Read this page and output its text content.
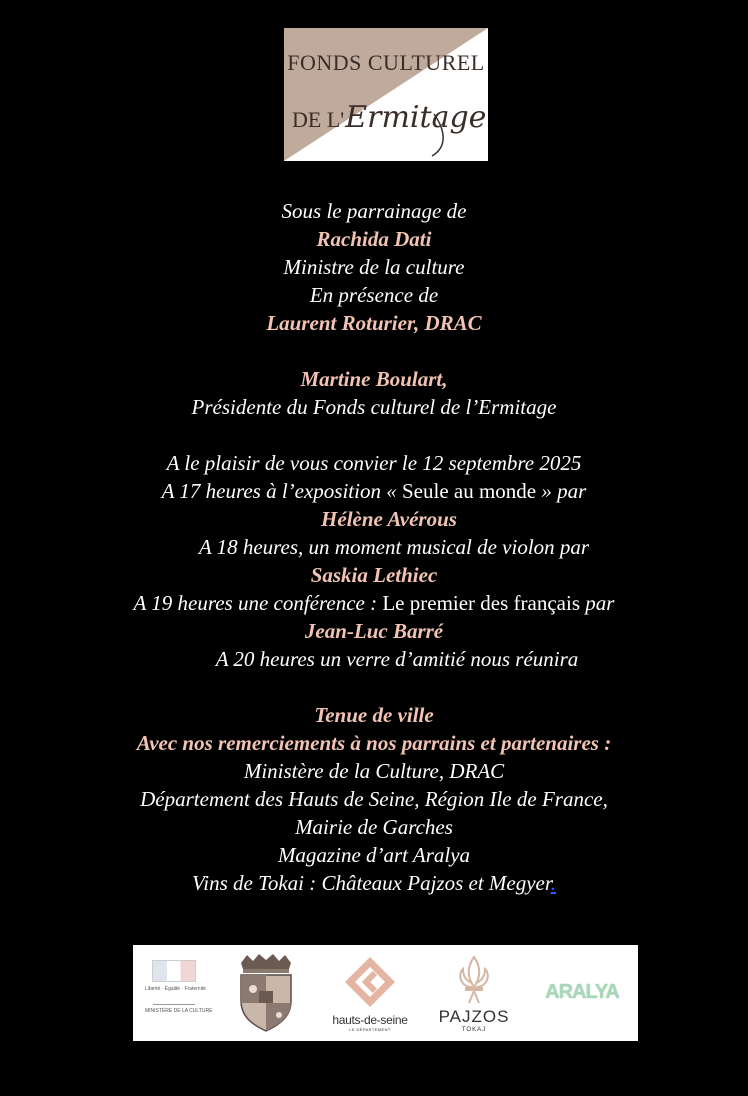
FONDS CULTUREL
DE L'Ermitage
Sous le parrainage de
Rachida Dati
Ministre de la culture
En présence de
Laurent Roturier, DRAC
Martine Boulart,
Présidente du Fonds culturel de l’Ermitage
A le plaisir de vous convier le 12 septembre 2025
A 17 heures à l’exposition « Seule au monde » par
Hélène Avérous
A 18 heures, un moment musical de violon par
Saskia Lethiec
A 19 heures une conférence : Le premier des français par
Jean-Luc Barré
A 20 heures un verre d’amitié nous réunira
Tenue de ville
Avec nos remerciements à nos parrains et partenaires :
Ministère de la Culture, DRAC
Département des Hauts de Seine, Région Ile de France,
Mairie de Garches
Magazine d’art Aralya
Vins de Tokai : Châteaux Pajzos et Megyer.
Liberté · Égalité · Fraternité
MINISTÈRE DE LA CULTURE
hauts-de-seine
LE DÉPARTEMENT
PAJZOS
TOKAJ
ARALYA
